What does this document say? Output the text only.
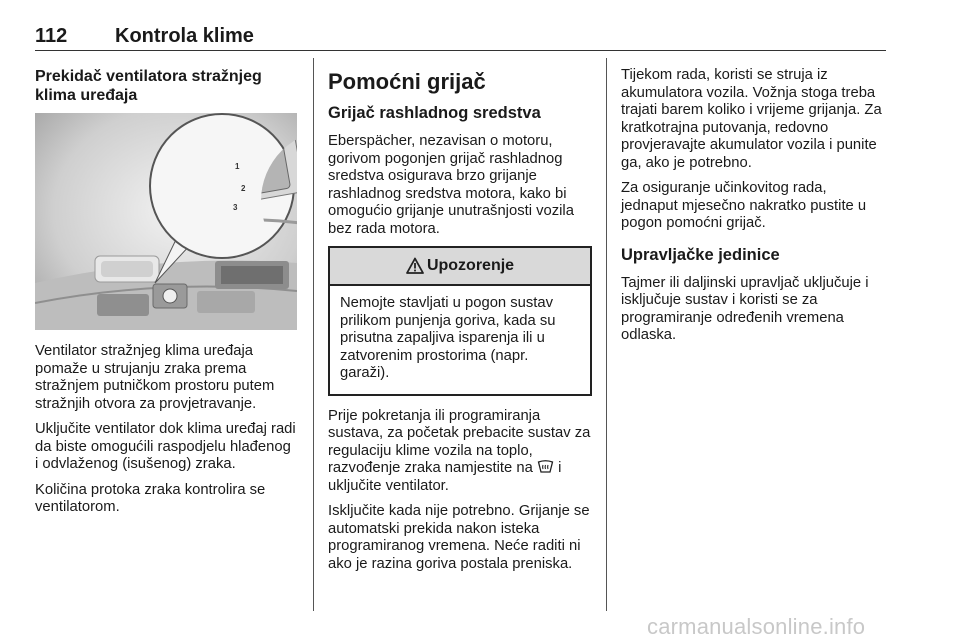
112 Kontrola klime
Prekidač ventilatora stražnjeg klima uređaja
1
2
3

Ventilator stražnjeg klima uređaja pomaže u strujanju zraka prema stražnjem putničkom prostoru putem stražnjih otvora za provjetravanje.

Uključite ventilator dok klima uređaj radi da biste omogućili raspodjelu hlađenog i odvlaženog (isušenog) zraka.

Količina protoka zraka kontrolira se ventilatorom.

Pomoćni grijač
Grijač rashladnog sredstva

Eberspächer, nezavisan o motoru, gorivom pogonjen grijač rashladnog sredstva osigurava brzo grijanje rashladnog sredstva motora, kako bi omogućio grijanje unutrašnjosti vozila bez rada motora.

Upozorenje
Nemojte stavljati u pogon sustav prilikom punjenja goriva, kada su prisutna zapaljiva isparenja ili u zatvorenim prostorima (napr. garaži).

Prije pokretanja ili programiranja sustava, za početak prebacite sustav za regulaciju klime vozila na toplo, razvođenje zraka namjestite na i uključite ventilator.

Isključite kada nije potrebno. Grijanje se automatski prekida nakon isteka programiranog vremena. Neće raditi ni ako je razina goriva postala preniska.

Tijekom rada, koristi se struja iz akumulatora vozila. Vožnja stoga treba trajati barem koliko i vrijeme grijanja. Za kratkotrajna putovanja, redovno provjeravajte akumulator vozila i punite ga, ako je potrebno.

Za osiguranje učinkovitog rada, jednaput mjesečno nakratko pustite u pogon pomoćni grijač.

Upravljačke jedinice

Tajmer ili daljinski upravljač uključuje i isključuje sustav i koristi se za programiranje određenih vremena odlaska.

carmanualsonline.info
